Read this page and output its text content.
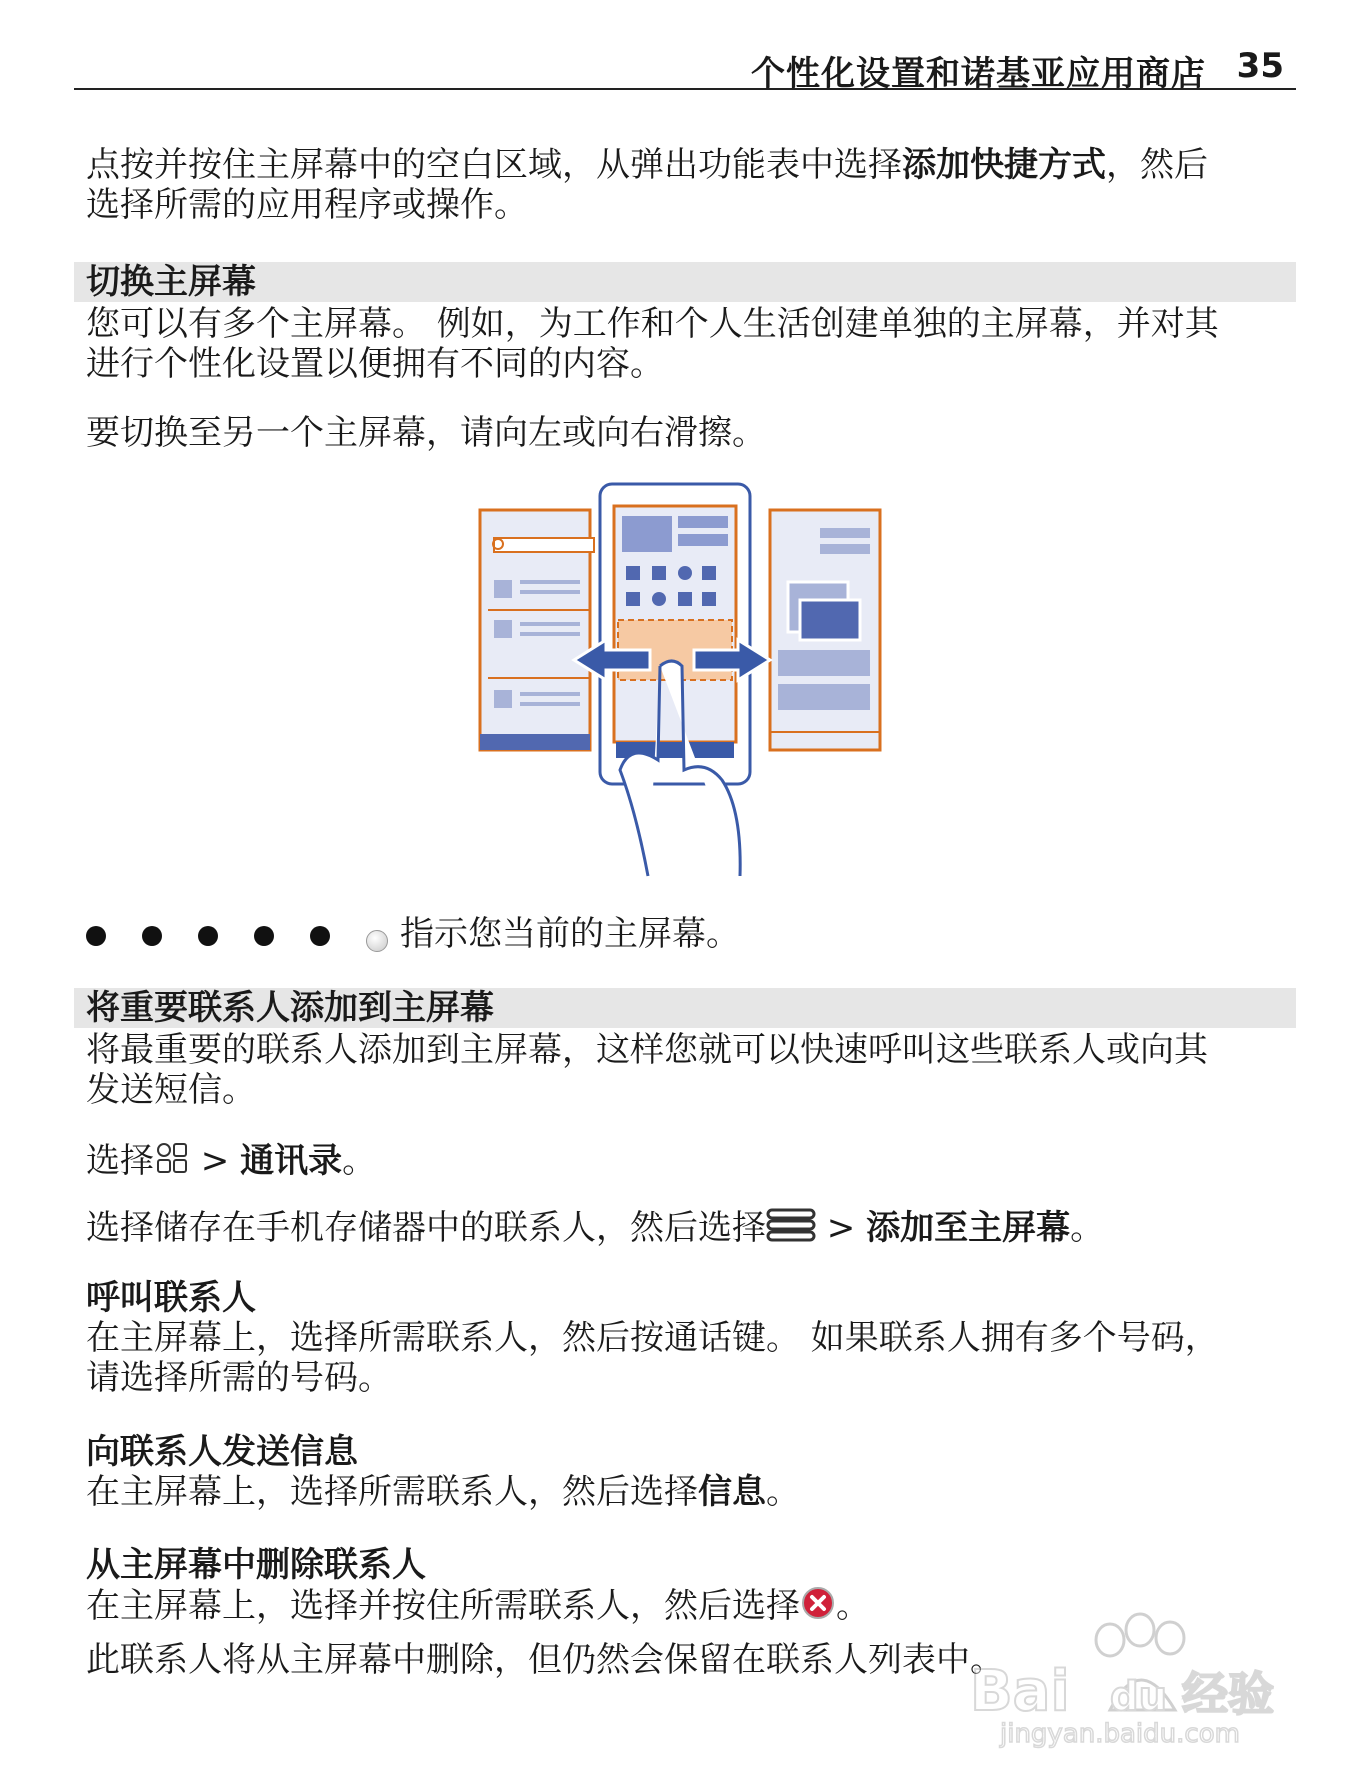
个性化设置和诺基亚应用商店 35

点按并按住主屏幕中的空白区域，从弹出功能表中选择添加快捷方式，然后
选择所需的应用程序或操作。

切换主屏幕

您可以有多个主屏幕。 例如，为工作和个人生活创建单独的主屏幕，并对其
进行个性化设置以便拥有不同的内容。

要切换至另一个主屏幕，请向左或向右滑擦。

指示您当前的主屏幕。
将重要联系人添加到主屏幕

将最重要的联系人添加到主屏幕，这样您就可以快速呼叫这些联系人或向其
发送短信。

选择 > 通讯录。

选择储存在手机存储器中的联系人，然后选择 > 添加至主屏幕。

呼叫联系人

在主屏幕上，选择所需联系人，然后按通话键。 如果联系人拥有多个号码，
请选择所需的号码。

向联系人发送信息

在主屏幕上，选择所需联系人，然后选择信息。

从主屏幕中删除联系人

在主屏幕上，选择并按住所需联系人，然后选择 。

此联系人将从主屏幕中删除，但仍然会保留在联系人列表中。

Bai du 经验
jingyan.baidu.com
